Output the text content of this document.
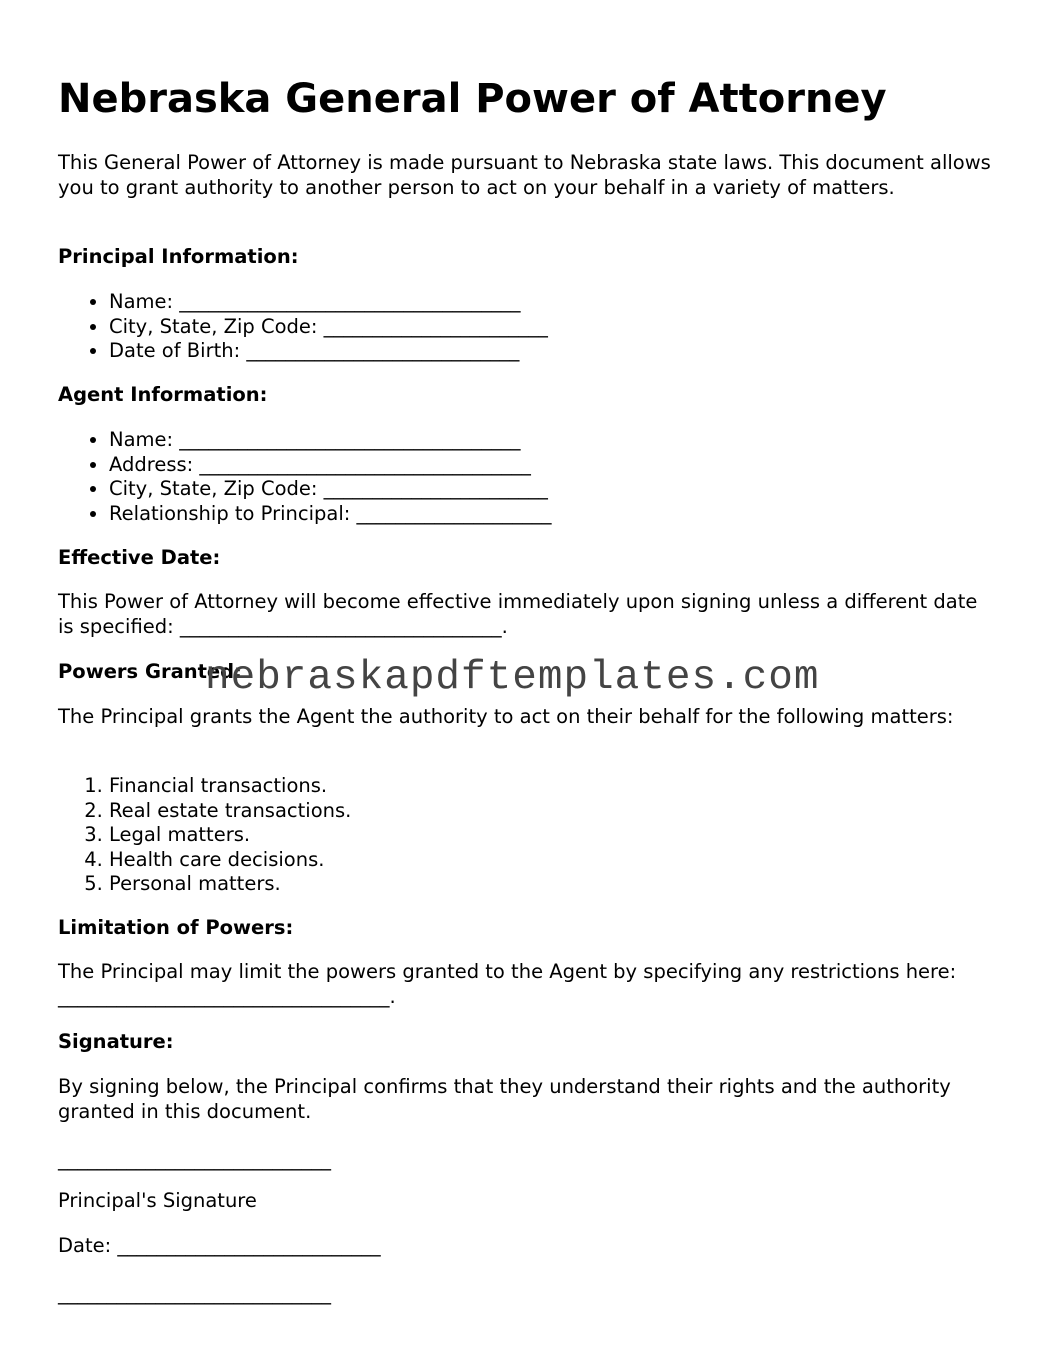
Nebraska General Power of Attorney

This General Power of Attorney is made pursuant to Nebraska state laws. This document allows you to grant authority to another person to act on your behalf in a variety of matters.

Principal Information:

• Name: ___________________________________
• City, State, Zip Code: _______________________
• Date of Birth: ____________________________

Agent Information:

• Name: ___________________________________
• Address: __________________________________
• City, State, Zip Code: _______________________
• Relationship to Principal: ____________________

Effective Date:

This Power of Attorney will become effective immediately upon signing unless a different date is specified: _________________________________.

Powers Granted:

The Principal grants the Agent the authority to act on their behalf for the following matters:

1. Financial transactions.
2. Real estate transactions.
3. Legal matters.
4. Health care decisions.
5. Personal matters.

Limitation of Powers:

The Principal may limit the powers granted to the Agent by specifying any restrictions here: __________________________________.

Signature:

By signing below, the Principal confirms that they understand their rights and the authority granted in this document.

____________________________
Principal's Signature
Date: ___________________________
____________________________
nebraskapdftemplates.com
